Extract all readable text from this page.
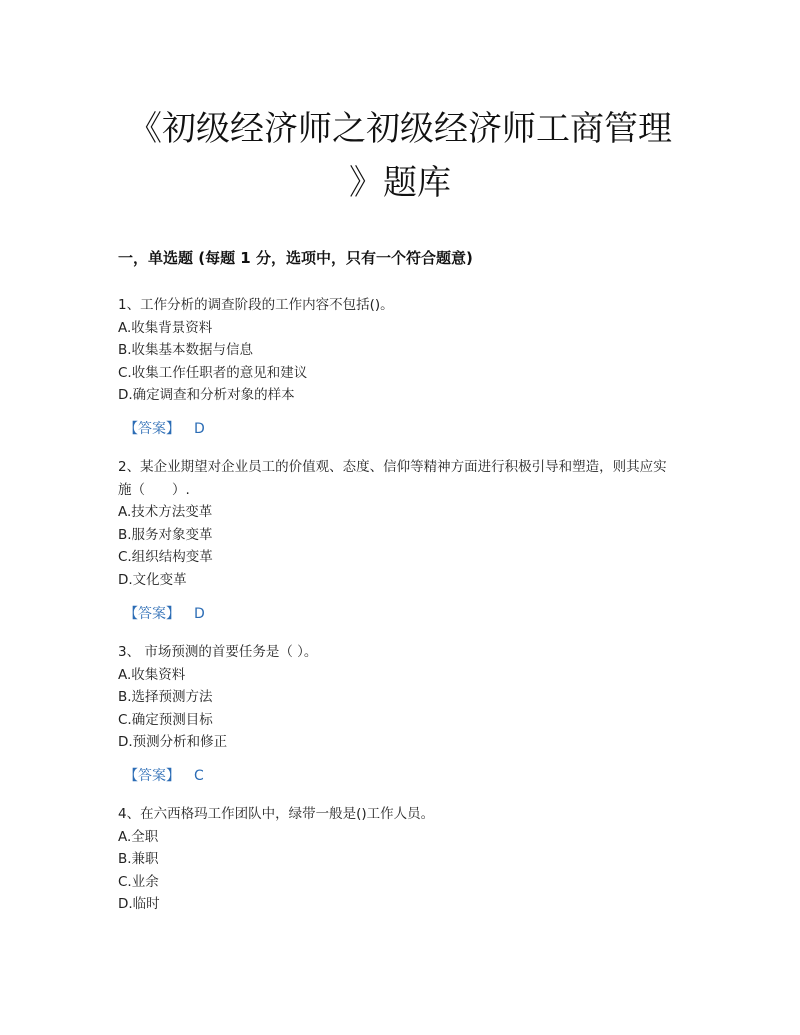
《初级经济师之初级经济师工商管理
》题库
一，单选题 (每题 1 分，选项中，只有一个符合题意)

1、工作分析的调查阶段的工作内容不包括()。

A.收集背景资料

B.收集基本数据与信息

C.收集工作任职者的意见和建议

D.确定调查和分析对象的样本

【答案】 D

2、某企业期望对企业员工的价值观、态度、信仰等精神方面进行积极引导和塑造，则其应实施（　　）.

A.技术方法变革

B.服务对象变革

C.组织结构变革

D.文化变革

【答案】 D

3、 市场预测的首要任务是（ ）。

A.收集资料

B.选择预测方法

C.确定预测目标

D.预测分析和修正

【答案】 C

4、在六西格玛工作团队中，绿带一般是()工作人员。

A.全职

B.兼职

C.业余

D.临时
